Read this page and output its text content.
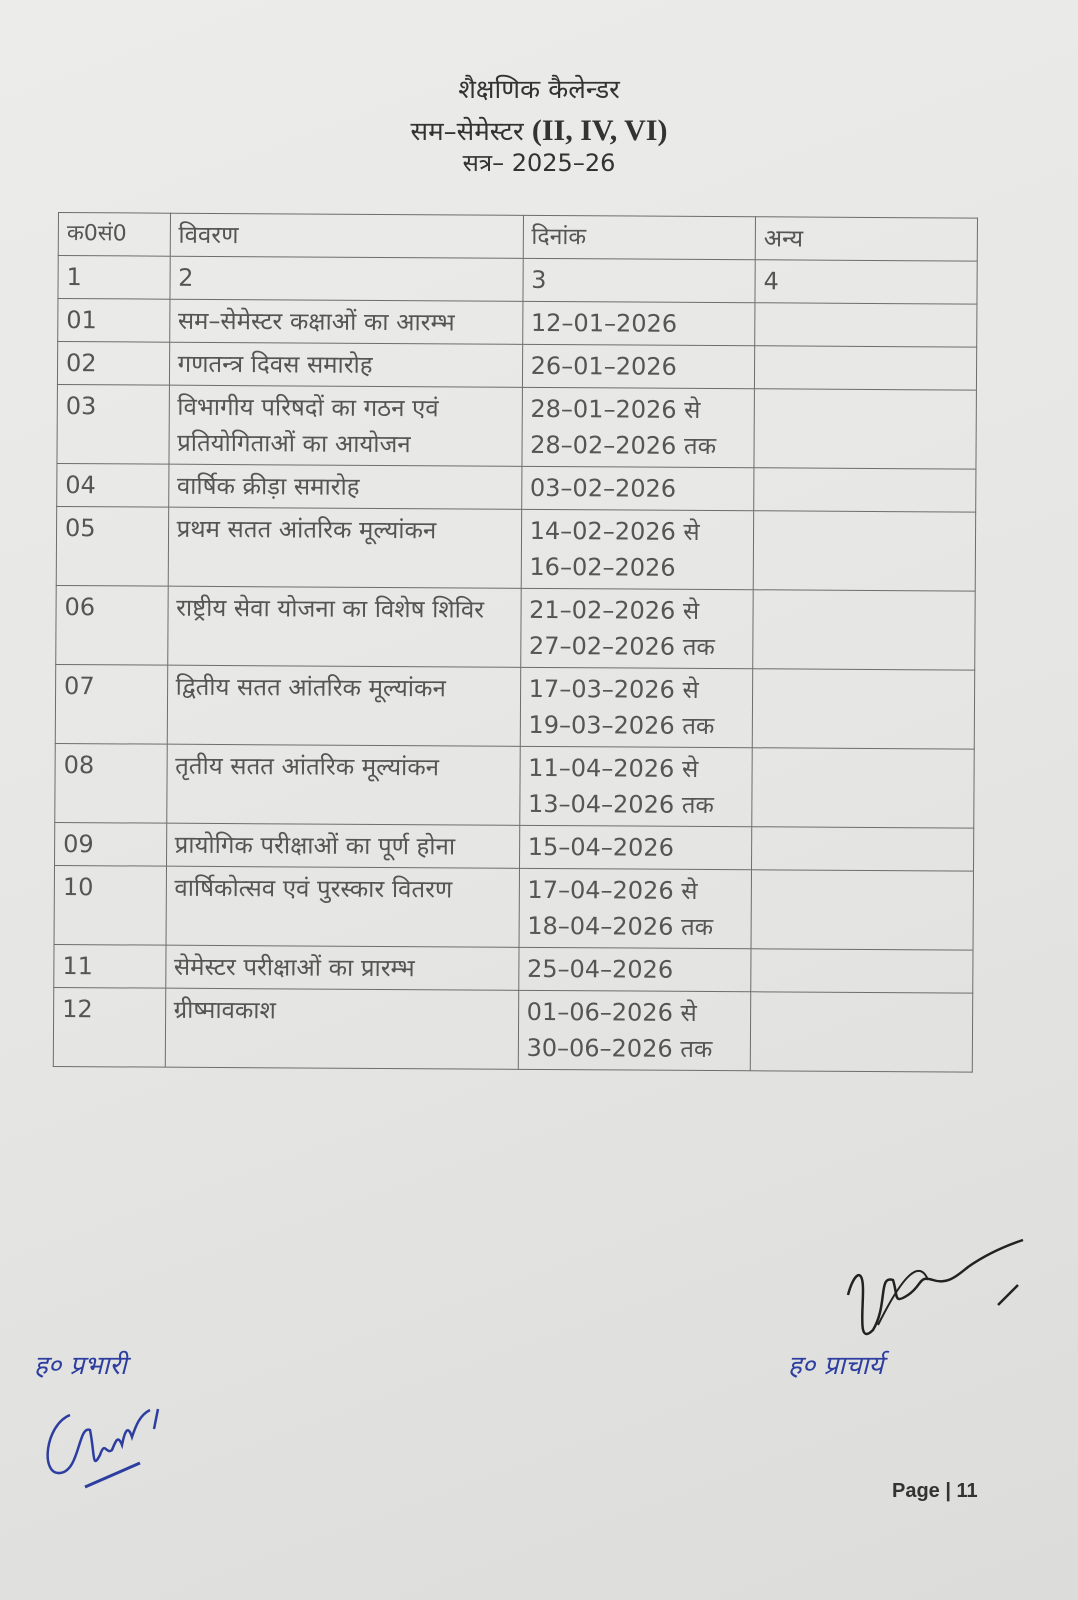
शैक्षणिक कैलेन्डर
सम–सेमेस्टर (II, IV, VI)
सत्र– 2025–26
क0सं0	विवरण	दिनांक	अन्य
1	2	3	4
01	सम–सेमेस्टर कक्षाओं का आरम्भ	12–01–2026	
02	गणतन्त्र दिवस समारोह	26–01–2026	
03	विभागीय परिषदों का गठन एवं प्रतियोगिताओं का आयोजन	28–01–2026 से 28–02–2026 तक	
04	वार्षिक क्रीड़ा समारोह	03–02–2026	
05	प्रथम सतत आंतरिक मूल्यांकन	14–02–2026 से 16–02–2026	
06	राष्ट्रीय सेवा योजना का विशेष शिविर	21–02–2026 से 27–02–2026 तक	
07	द्वितीय सतत आंतरिक मूल्यांकन	17–03–2026 से 19–03–2026 तक	
08	तृतीय सतत आंतरिक मूल्यांकन	11–04–2026 से 13–04–2026 तक	
09	प्रायोगिक परीक्षाओं का पूर्ण होना	15–04–2026	
10	वार्षिकोत्सव एवं पुरस्कार वितरण	17–04–2026 से 18–04–2026 तक	
11	सेमेस्टर परीक्षाओं का प्रारम्भ	25–04–2026	
12	ग्रीष्मावकाश	01–06–2026 से 30–06–2026 तक	
ह० प्रभारी	ह० प्राचार्य
Page | 11
